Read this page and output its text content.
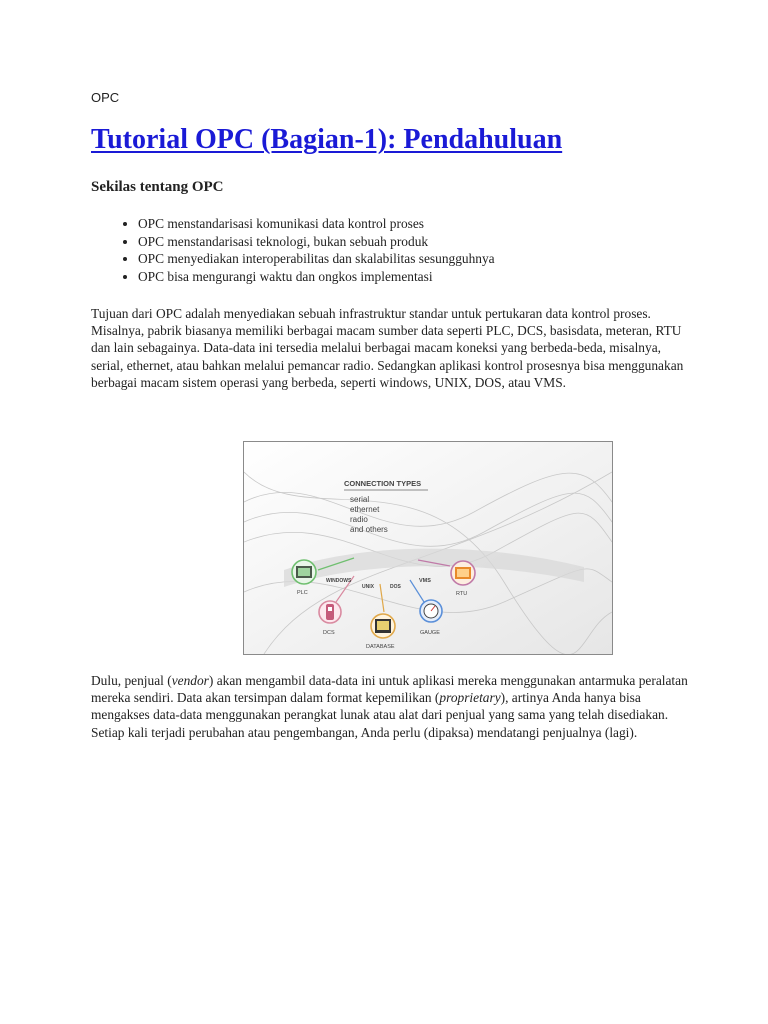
OPC
Tutorial OPC (Bagian-1): Pendahuluan
Sekilas tentang OPC
• OPC menstandarisasi komunikasi data kontrol proses
• OPC menstandarisasi teknologi, bukan sebuah produk
• OPC menyediakan interoperabilitas dan skalabilitas sesungguhnya
• OPC bisa mengurangi waktu dan ongkos implementasi

Tujuan dari OPC adalah menyediakan sebuah infrastruktur standar untuk pertukaran data kontrol proses. Misalnya, pabrik biasanya memiliki berbagai macam sumber data seperti PLC, DCS, basisdata, meteran, RTU dan lain sebagainya. Data-data ini tersedia melalui berbagai macam koneksi yang berbeda-beda, misalnya, serial, ethernet, atau bahkan melalui pemancar radio. Sedangkan aplikasi kontrol prosesnya bisa menggunakan berbagai macam sistem operasi yang berbeda, seperti windows, UNIX, DOS, atau VMS.

CONNECTION TYPES
serial
ethernet
radio
and others
WINDOWS
UNIX	DOS
VMS
PLC
DCS
DATABASE
GAUGE
RTU

Dulu, penjual (vendor) akan mengambil data-data ini untuk aplikasi mereka menggunakan antarmuka peralatan mereka sendiri. Data akan tersimpan dalam format kepemilikan (proprietary), artinya Anda hanya bisa mengakses data-data menggunakan perangkat lunak atau alat dari penjual yang sama yang telah disediakan. Setiap kali terjadi perubahan atau pengembangan, Anda perlu (dipaksa) mendatangi penjualnya (lagi).
